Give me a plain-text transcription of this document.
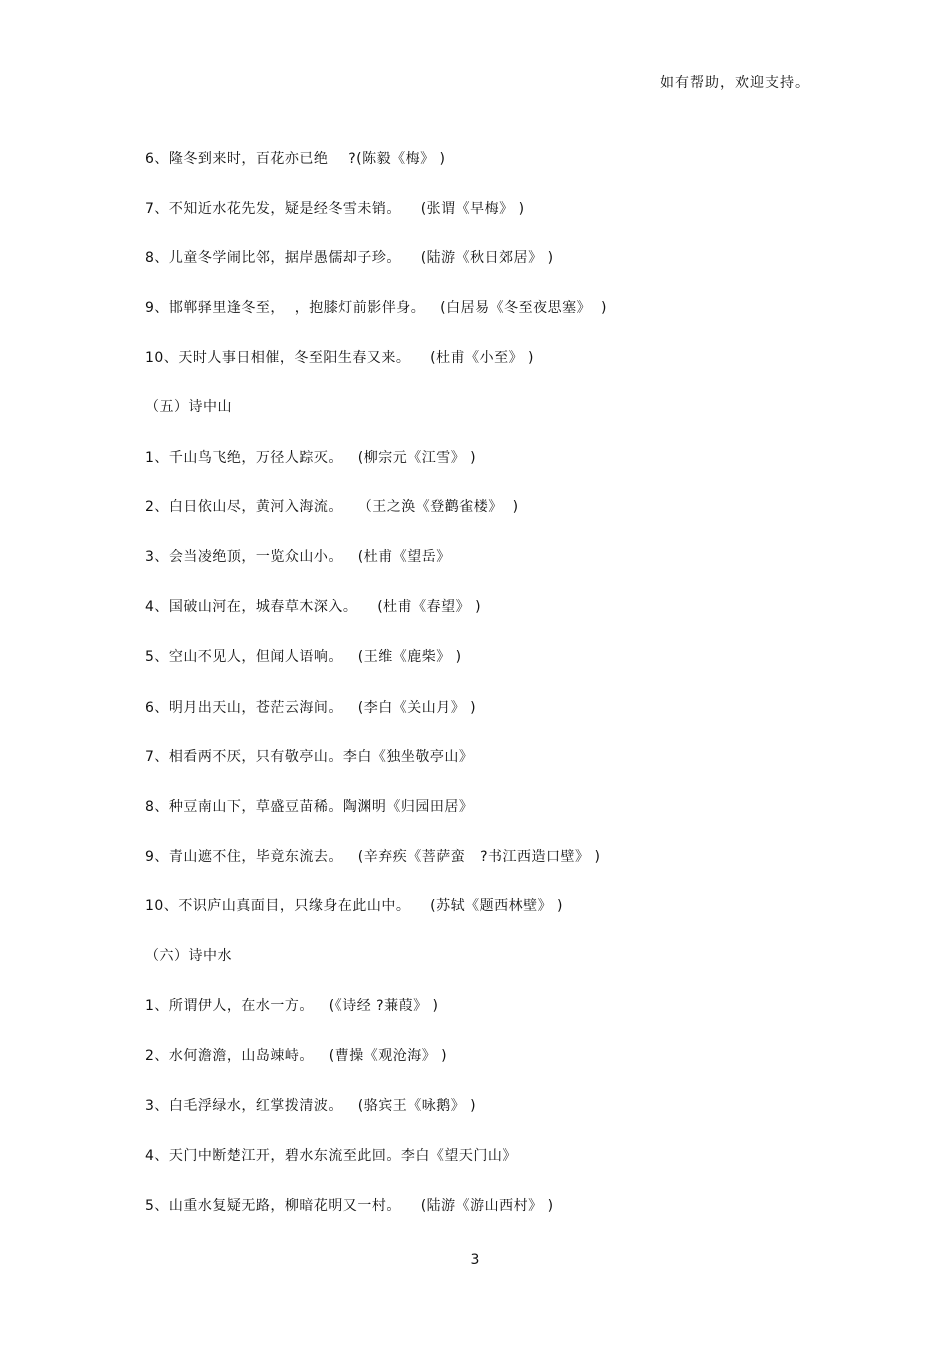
如有帮助，欢迎支持。
6、隆冬到来时，百花亦已绝    ?(陈毅《梅》 )
7、不知近水花先发，疑是经冬雪未销。    (张谓《早梅》 )
8、儿童冬学闹比邻，据岸愚儒却子珍。    (陆游《秋日郊居》 )
9、邯郸驿里逢冬至，  ，抱膝灯前影伴身。   (白居易《冬至夜思塞》  )
10、天时人事日相催，冬至阳生春又来。    (杜甫《小至》 )
（五）诗中山
1、千山鸟飞绝，万径人踪灭。   (柳宗元《江雪》 )
2、白日依山尽，黄河入海流。   （王之涣《登鹳雀楼》  )
3、会当凌绝顶，一览众山小。   (杜甫《望岳》
4、国破山河在，城春草木深入。    (杜甫《春望》 )
5、空山不见人，但闻人语响。   (王维《鹿柴》 )
6、明月出天山，苍茫云海间。   (李白《关山月》 )
7、相看两不厌，只有敬亭山。李白《独坐敬亭山》
8、种豆南山下，草盛豆苗稀。陶渊明《归园田居》
9、青山遮不住，毕竟东流去。   (辛弃疾《菩萨蛮   ?书江西造口壁》 )
10、不识庐山真面目，只缘身在此山中。    (苏轼《题西林壁》 )
（六）诗中水
1、所谓伊人，在水一方。   (《诗经 ?蒹葭》 )
2、水何澹澹，山岛竦峙。   (曹操《观沧海》 )
3、白毛浮绿水，红掌拨清波。   (骆宾王《咏鹅》 )
4、天门中断楚江开，碧水东流至此回。李白《望天门山》
5、山重水复疑无路，柳暗花明又一村。    (陆游《游山西村》 )
3
